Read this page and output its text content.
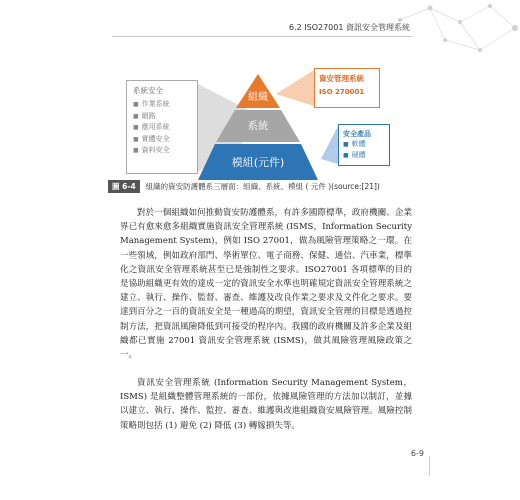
6.2 ISO27001 資訊安全管理系統
系統安全
■ 作業系統
■ 網路
■ 應用系統
■ 實體安全
■ 資料安全
組織
系統
模組(元件)
資安管理系統
ISO 270001
安全產品
■ 軟體
■ 硬體
圖 6-4	組織的資安防護體系三層面：組織、系統、模組 ( 元件 )(source:[21])

對於一個組織如何推動資安防護體系，有許多國際標準，政府機關、企業界已有愈來愈多組織實施資訊安全管理系統 (ISMS，Information Security Management System)，例如 ISO 27001，做為風險管理策略之一環。在一些領域，例如政府部門、學術單位、電子商務、保健、通信、汽車業，標準化之資訊安全管理系統甚至已是強制性之要求。ISO27001 各項標準的目的是協助組織更有效的達成一定的資訊安全水準也明確規定資訊安全管理系統之建立、執行、操作、監督、審查、維護及改良作業之要求及文件化之要求。要達到百分之一百的資訊安全是一種過高的期望，資訊安全管理的目標是透過控制方法，把資訊風險降低到可接受的程序內。我國的政府機關及許多企業及組織都已實施 27001 資訊安全管理系統 (ISMS)，做其風險管理風險政策之一。

資訊安全管理系統 (Information Security Management System，ISMS) 是組織整體管理系統的一部份，依據風險管理的方法加以制訂，並據以建立、執行、操作、監控、審查、維護與改進組織資安風險管理。風險控制策略則包括 (1) 避免 (2) 降低 (3) 轉嫁損失等。

6-9
